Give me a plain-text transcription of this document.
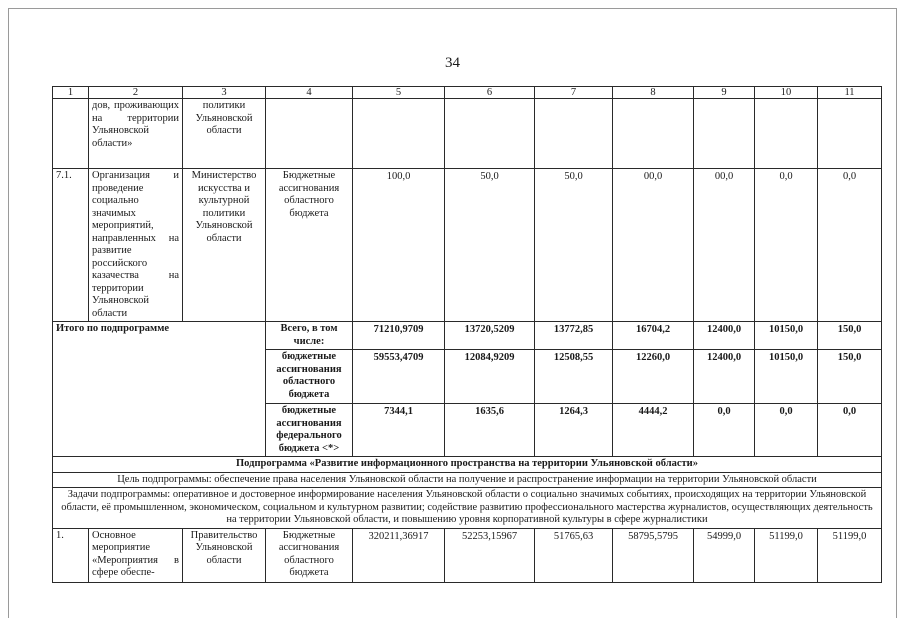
34
1	2	3	4	5	6	7	8	9	10	11
	дов, проживающих на территории Ульяновской области»	политики Ульяновской области								
7.1.	Организация и проведение социально значимых мероприятий, направленных на развитие российского казачества на территории Ульяновской области	Министерство искусства и культурной политики Ульяновской области	Бюджетные ассигнования областного бюджета	100,0	50,0	50,0	00,0	00,0	0,0	0,0
Итого по подпрограмме			Всего, в том числе:	71210,9709	13720,5209	13772,85	16704,2	12400,0	10150,0	150,0
			бюджетные ассигнования областного бюджета	59553,4709	12084,9209	12508,55	12260,0	12400,0	10150,0	150,0
			бюджетные ассигнования федерального бюджета <*>	7344,1	1635,6	1264,3	4444,2	0,0	0,0	0,0
Подпрограмма «Развитие информационного пространства на территории Ульяновской области»										
Цель подпрограммы: обеспечение права населения Ульяновской области на получение и распространение информации на территории Ульяновской области										
Задачи подпрограммы: оперативное и достоверное информирование населения Ульяновской области о социально значимых событиях, происходящих на территории Ульяновской области, её промышленном, экономическом, социальном и культурном развитии; содействие развитию профессионального мастерства журналистов, осуществляющих деятельность на территории Ульяновской области, и повышению уровня корпоративной культуры в сфере журналистики										
1.	Основное мероприятие «Мероприятия в сфере обеспе-	Правительство Ульяновской области	Бюджетные ассигнования областного бюджета	320211,36917	52253,15967	51765,63	58795,5795	54999,0	51199,0	51199,0
